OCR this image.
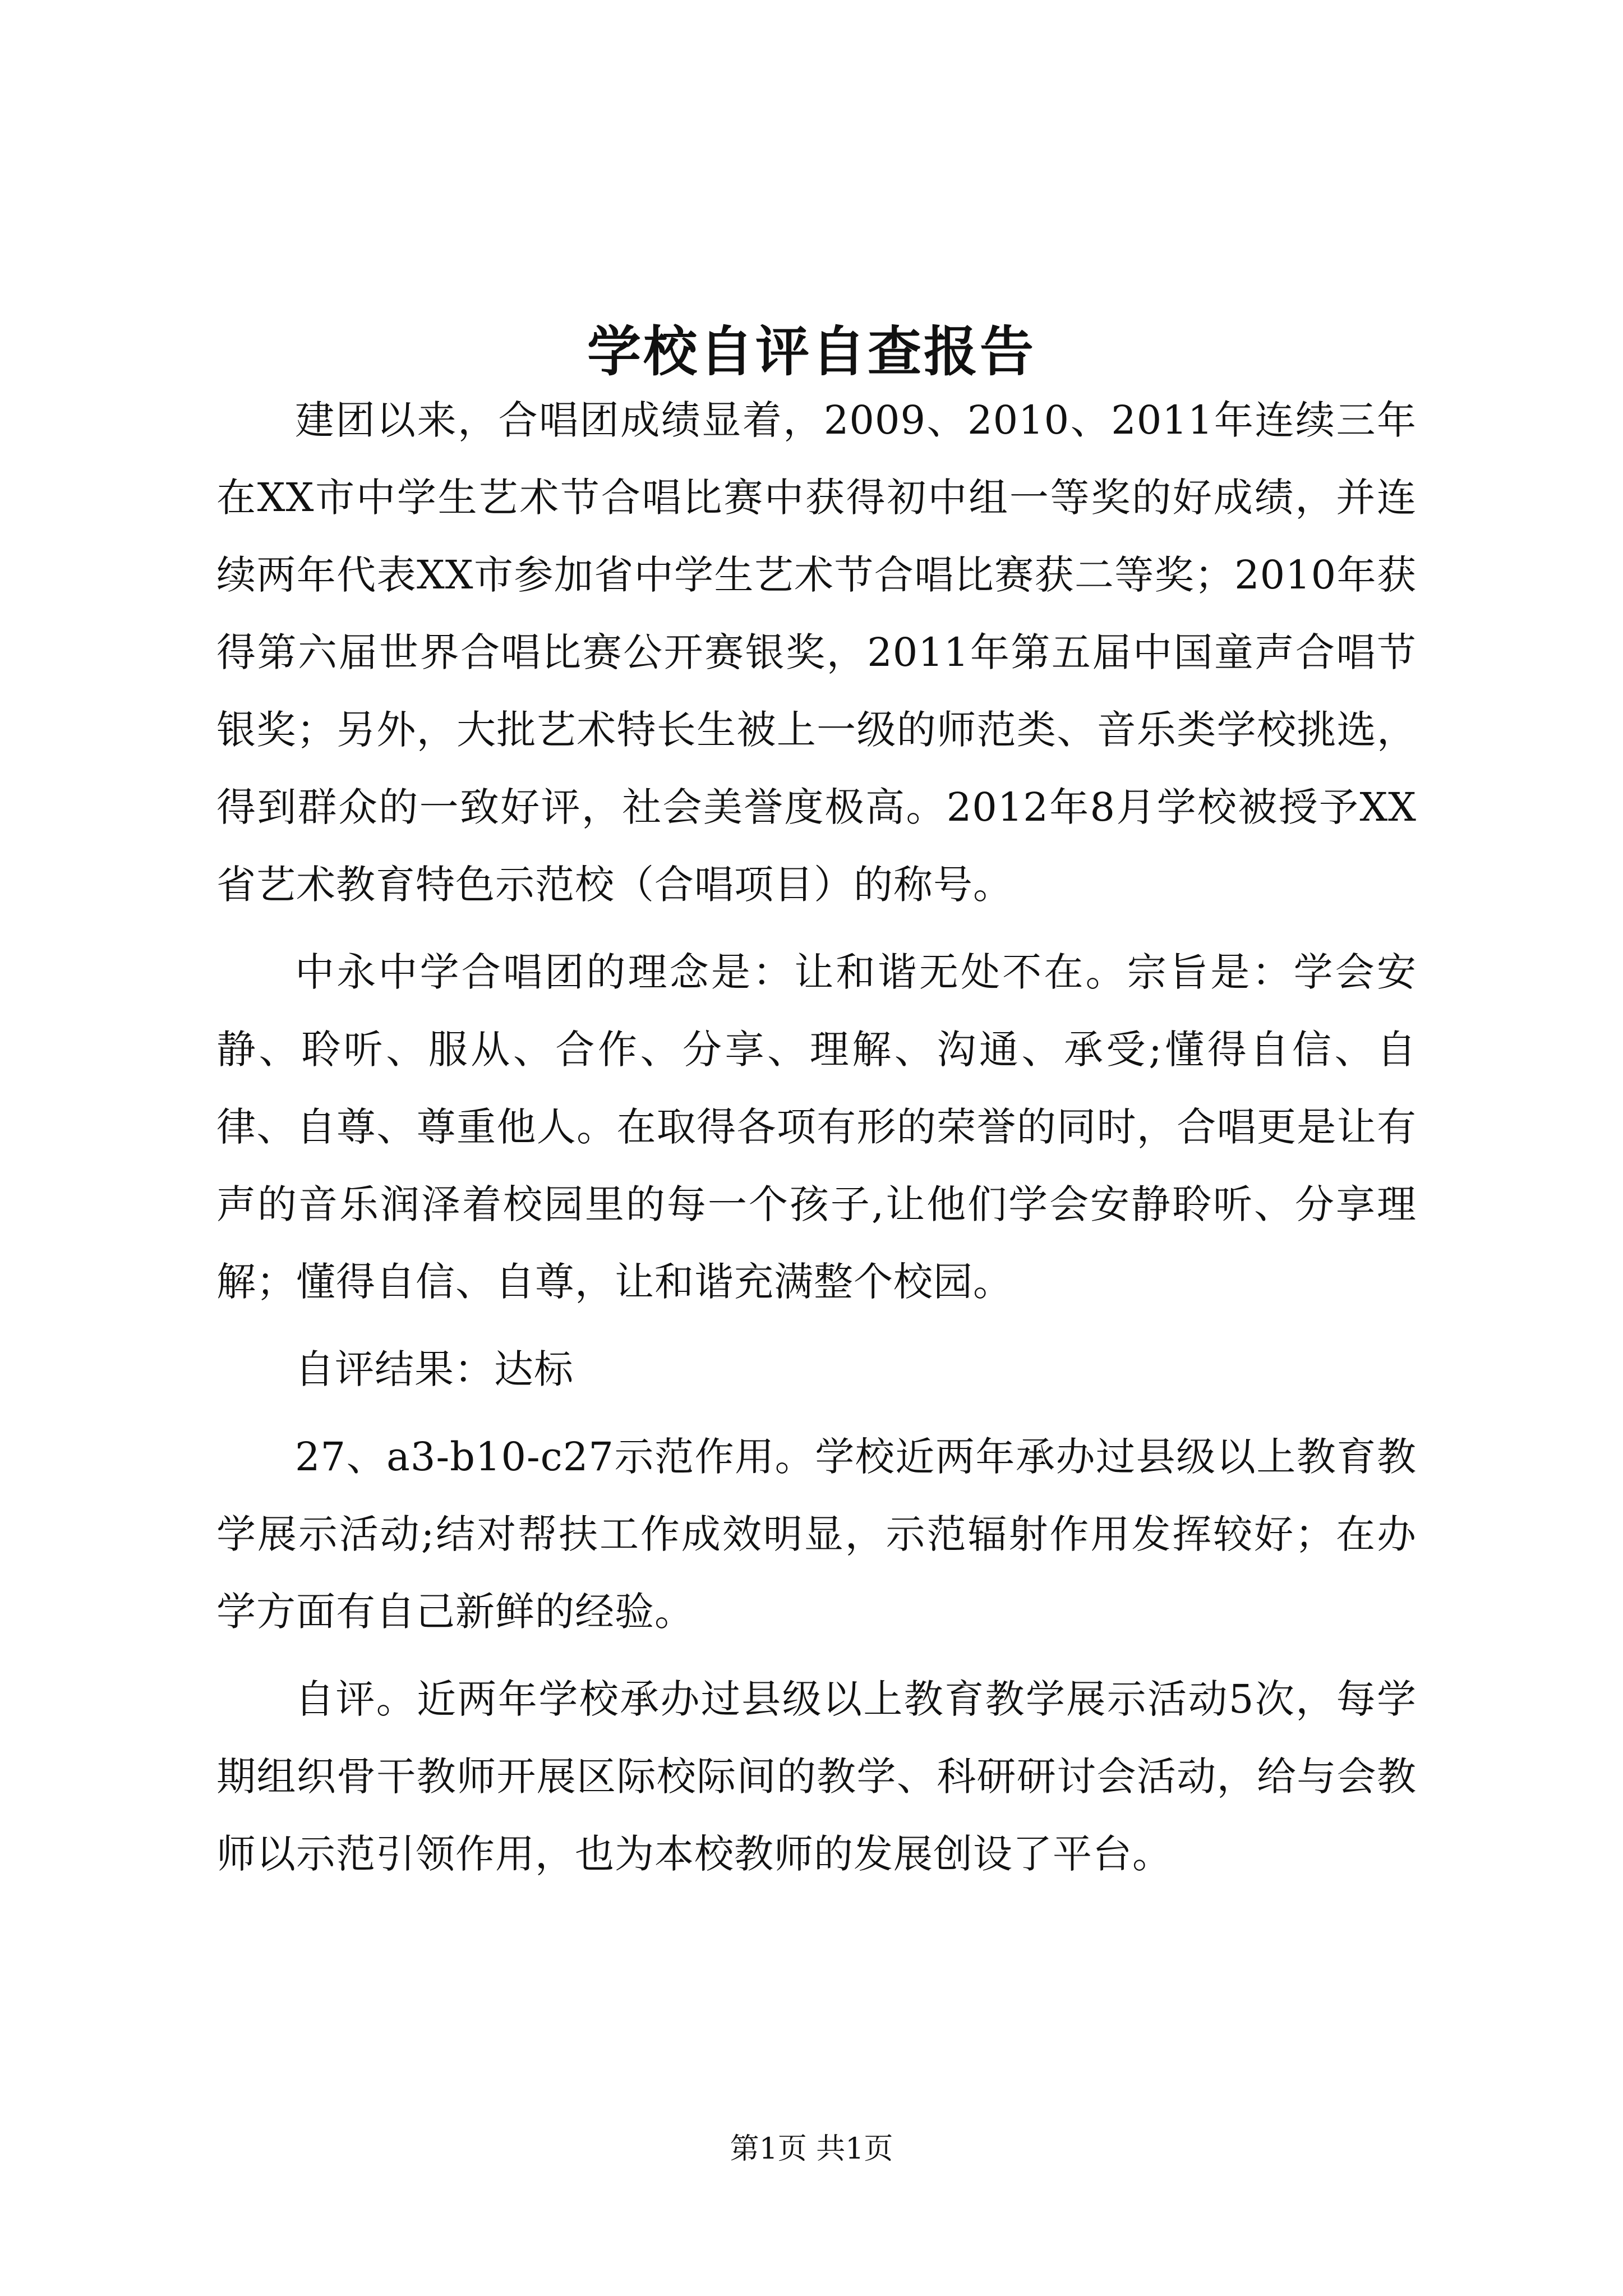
学校自评自查报告

建团以来，合唱团成绩显着，2009、2010、2011年连续三年在XX市中学生艺术节合唱比赛中获得初中组一等奖的好成绩，并连续两年代表XX市参加省中学生艺术节合唱比赛获二等奖；2010年获得第六届世界合唱比赛公开赛银奖，2011年第五届中国童声合唱节银奖；另外，大批艺术特长生被上一级的师范类、音乐类学校挑选，得到群众的一致好评，社会美誉度极高。2012年8月学校被授予XX省艺术教育特色示范校（合唱项目）的称号。

中永中学合唱团的理念是：让和谐无处不在。宗旨是：学会安静、聆听、服从、合作、分享、理解、沟通、承受;懂得自信、自律、自尊、尊重他人。在取得各项有形的荣誉的同时，合唱更是让有声的音乐润泽着校园里的每一个孩子,让他们学会安静聆听、分享理解；懂得自信、自尊，让和谐充满整个校园。

自评结果：达标

27、a3-b10-c27示范作用。学校近两年承办过县级以上教育教学展示活动;结对帮扶工作成效明显，示范辐射作用发挥较好；在办学方面有自己新鲜的经验。

自评。近两年学校承办过县级以上教育教学展示活动5次，每学期组织骨干教师开展区际校际间的教学、科研研讨会活动，给与会教师以示范引领作用，也为本校教师的发展创设了平台。

第1页 共1页
